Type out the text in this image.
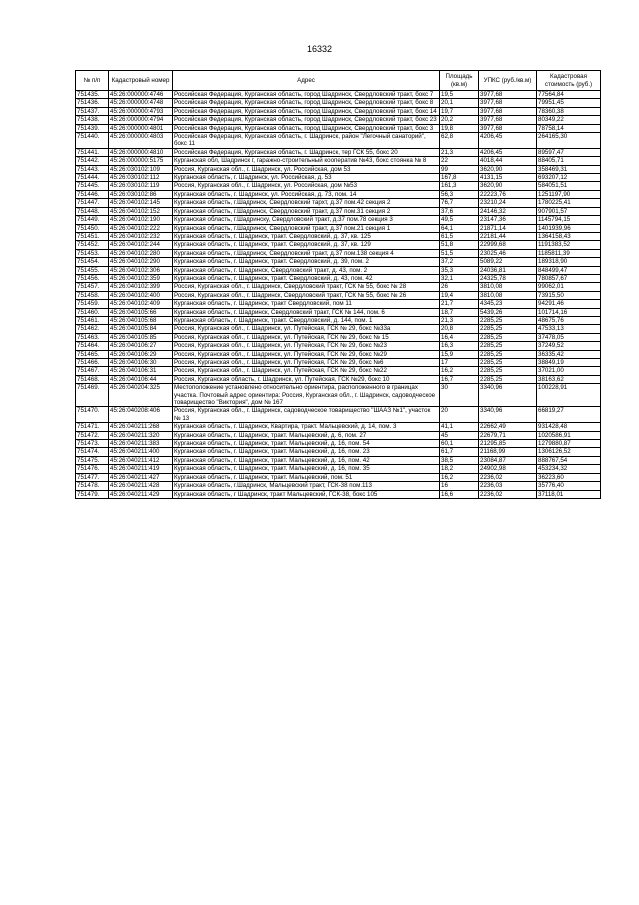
16332
№ п/п	Кадастровый номер	Адрес	Площадь (кв.м)	УПКС (руб./кв.м)	Кадастровая стоимость (руб.)
751435.	45:26:000000:4746	Российская Федерация, Курганская область, город Шадринск, Свердловский тракт, бокс 7	19,5	3977,68	77564,84
751436.	45:26:000000:4748	Российская Федерация, Курганская область, город Шадринск, Свердловский тракт, бокс 8	20,1	3977,68	79951,45
751437.	45:26:000000:4793	Российская Федерация, Курганская область, город Шадринск, Свердловский тракт, бокс 14	19,7	3977,68	78360,38
751438.	45:26:000000:4794	Российская Федерация, Курганская область, город Шадринск, Свердловский тракт, бокс 23	20,2	3977,68	80349,22
751439.	45:26:000000:4801	Российская Федерация, Курганская область, город Шадринск, Свердловский тракт, бокс 3	19,8	3977,68	78758,14
751440.	45:26:000000:4803	Российская Федерация, Курганская область, г. Шадринск, район "Легочный санаторий", бокс 11	62,8	4206,45	264165,30
751441.	45:26:000000:4810	Российская Федерация, Курганская область, г. Шадринск, тер ГСК 55, бокс 20	21,3	4206,45	89597,47
751442.	45:26:000000:5175	Курганская обл, Шадринск г, гаражно-строительный кооператив №43, бокс стоянка № 8	22	4018,44	88405,71
751443.	45:26:030102:109	Россия, Курганская обл., г. Шадринск, ул. Российская, дом 53	99	3620,90	358469,31
751444.	45:26:030102:112	Курганская область, г. Шадринск, ул. Российская, д. 53	167,8	4131,15	693207,12
751445.	45:26:030102:119	Россия, Курганская обл., г. Шадринск, ул. Российская, дом №53	161,3	3620,90	584051,51
751446.	45:26:030102:86	Курганская область, г. Шадринск, ул. Российская, д. 73, пом. 14	56,3	22223,76	1251197,90
751447.	45:26:040102:145	Курганская область, г.Шадринск, Свердловский тархт, д.37 пом.42 секция 2	76,7	23210,24	1780225,41
751448.	45:26:040102:152	Курганская область, г.Шадринск, Свердловский тракт, д.37 пом.31 секция 2	37,6	24146,32	907901,57
751449.	45:26:040102:190	Курганская область, г.Шадринску, Свердловский тракт, д.37 пом.78 секция 3	49,5	23147,36	1145794,15
751450.	45:26:040102:222	Курганская область, г.Шадринск, Свердловский тракт, д.37 пом.21 секция 1	64,1	21871,14	1401939,96
751451.	45:26:040102:232	Курганская область, г. Шадринск, тракт. Свердловский, д. 37, кв. 125	61,5	22181,44	1364158,43
751452.	45:26:040102:244	Курганская область, г. Шадринск, тракт. Свердловский, д. 37, кв. 129	51,8	22999,68	1191383,52
751453.	45:26:040102:280	Курганская область, г.Шадринск, Свердловский тракт, д.37 пом.138 секция 4	51,5	23025,46	1185811,39
751454.	45:26:040102:290	Курганская область, г. Шадринск, тракт. Свердловский, д. 39, пом. 2	37,2	5089,22	189318,90
751455.	45:26:040102:306	Курганская область, г. Шадринск, Свердловский тракт, д. 43, пом. 2	35,3	24036,81	848499,47
751456.	45:26:040102:359	Курганская область, г. Шадринск, тракт. Свердловский, д. 43, пом. 42	32,1	24325,78	780857,67
751457.	45:26:040102:399	Россия, Курганская обл., г. Шадринск, Свердловский тракт, ГСК № 55, бокс № 28	26	3810,08	99062,01
751458.	45:26:040102:400	Россия, Курганская обл., г. Шадринск, Свердловский тракт, ГСК № 55, бокс № 26	19,4	3810,08	73915,50
751459.	45:26:040102:409	Курганская область, г. Шадринск, тракт Свердловский, пом 11	21,7	4345,23	94291,46
751460.	45:26:040105:66	Курганская область, г. Шадринск, Свердловский тракт, ГСК № 144, пом. 6	18,7	5439,26	101714,16
751461.	45:26:040105:68	Курганская область, г. Шадринск, тракт. Свердловский, д. 144, пом. 1	21,3	2285,25	48675,76
751462.	45:26:040105:84	Россия, Курганская обл., г. Шадринск, ул. Путейская, ГСК № 29, бокс №33а	20,8	2285,25	47533,13
751463.	45:26:040105:85	Россия, Курганская обл., г. Шадринск, ул. Путейская, ГСК № 29, бокс № 15	16,4	2285,25	37478,05
751464.	45:26:040106:27	Россия, Курганская обл., г. Шадринск, ул. Путейская, ГСК № 29, бокс №23	16,3	2285,25	37249,52
751465.	45:26:040106:29	Россия, Курганская обл., г. Шадринск, ул. Путейская, ГСК № 29, бокс №29	15,9	2285,25	36335,42
751466.	45:26:040106:30	Россия, Курганская обл., г. Шадринск, ул. Путейская, ГСК № 29, бокс №6	17	2285,25	38849,19
751467.	45:26:040106:31	Россия, Курганская обл., г. Шадринск, ул. Путейская, ГСК № 29, бокс №22	16,2	2285,25	37021,00
751468.	45:26:040106:44	Россия, Курганская область, г. Шадринск, ул. Путейская, ГСК №29, бокс 10	16,7	2285,25	38163,62
751469.	45:26:040204:325	Местоположение установлено относительно ориентира, расположенного в границах участка. Почтовый адрес ориентира: Россия, Курганская обл., г. Шадринск, садоводческое товарищество "Виктория", дом № 167	30	3340,96	100228,91
751470.	45:26:040208:406	Россия, Курганская обл., г. Шадринск, садоводческое товарищество "ШААЗ №1", участок № 13	20	3340,96	66819,27
751471.	45:26:040211:268	Курганская область, г. Шадринск, Квартира, тракт. Мальцевский, д. 14, пом. 3	41,1	22662,49	931428,48
751472.	45:26:040211:320	Курганская область, г. Шадринск, тракт. Мальцевский, д. 6, пом. 27	45	22679,71	1020586,91
751473.	45:26:040211:383	Курганская область, г. Шадринск, тракт. Мальцевский, д. 16, пом. 54	60,1	21295,85	1279880,87
751474.	45:26:040211:400	Курганская область, г. Шадринск, тракт. Мальцевский, д. 16, пом. 23	61,7	21168,99	1306126,52
751475.	45:26:040211:412	Курганская область, г. Шадринск, тракт. Мальцевский, д. 16, пом. 42	38,5	23084,87	888767,54
751476.	45:26:040211:419	Курганская область, г. Шадринск, тракт. Мальцевский, д. 16, пом. 35	18,2	24902,98	453234,32
751477.	45:26:040211:427	Курганская область, г. Шадринск, тракт. Мальцевский, пом. 51	16,2	2236,02	36223,60
751478.	45:26:040211:428	Курганская область, г.Шадринск, Мальцевский тракт, ГСК-38 пом.113	16	2236,03	35776,40
751479.	45:26:040211:429	Курганская область, г Шадринск, тракт Мальцевский, ГСК-38, бокс 105	16,6	2236,02	37118,01
